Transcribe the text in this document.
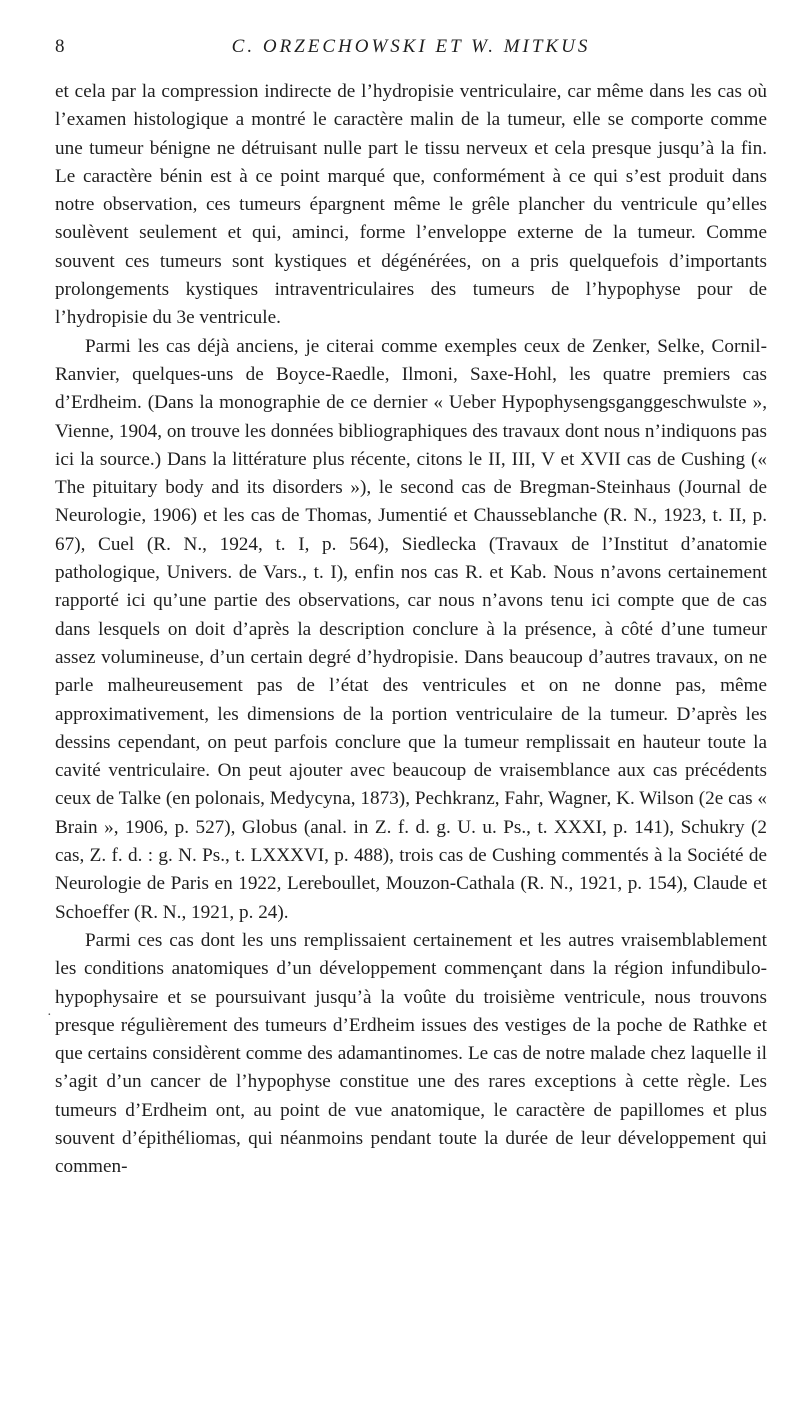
8	C. ORZECHOWSKI ET W. MITKUS

et cela par la compression indirecte de l’hydropisie ventriculaire, car même dans les cas où l’examen histologique a montré le caractère malin de la tumeur, elle se comporte comme une tumeur bénigne ne détruisant nulle part le tissu nerveux et cela presque jusqu’à la fin. Le caractère bénin est à ce point marqué que, conformément à ce qui s’est produit dans notre observation, ces tumeurs épargnent même le grêle plancher du ventricule qu’elles soulèvent seulement et qui, aminci, forme l’enveloppe externe de la tumeur. Comme souvent ces tumeurs sont kystiques et dégénérées, on a pris quelquefois d’importants prolongements kystiques intraventriculaires des tumeurs de l’hypophyse pour de l’hydropisie du 3e ventricule.

Parmi les cas déjà anciens, je citerai comme exemples ceux de Zenker, Selke, Cornil-Ranvier, quelques-uns de Boyce-Raedle, Ilmoni, Saxe-Hohl, les quatre premiers cas d’Erdheim. (Dans la monographie de ce dernier « Ueber Hypophysengsganggeschwulste », Vienne, 1904, on trouve les données bibliographiques des travaux dont nous n’indiquons pas ici la source.) Dans la littérature plus récente, citons le II, III, V et XVII cas de Cushing (« The pituitary body and its disorders »), le second cas de Bregman-Steinhaus (Journal de Neurologie, 1906) et les cas de Thomas, Jumentié et Chausseblanche (R. N., 1923, t. II, p. 67), Cuel (R. N., 1924, t. I, p. 564), Siedlecka (Travaux de l’Institut d’anatomie pathologique, Univers. de Vars., t. I), enfin nos cas R. et Kab. Nous n’avons certainement rapporté ici qu’une partie des observations, car nous n’avons tenu ici compte que de cas dans lesquels on doit d’après la description conclure à la présence, à côté d’une tumeur assez volumineuse, d’un certain degré d’hydropisie. Dans beaucoup d’autres travaux, on ne parle malheureusement pas de l’état des ventricules et on ne donne pas, même approximativement, les dimensions de la portion ventriculaire de la tumeur. D’après les dessins cependant, on peut parfois conclure que la tumeur remplissait en hauteur toute la cavité ventriculaire. On peut ajouter avec beaucoup de vraisemblance aux cas précédents ceux de Talke (en polonais, Medycyna, 1873), Pechkranz, Fahr, Wagner, K. Wilson (2e cas « Brain », 1906, p. 527), Globus (anal. in Z. f. d. g. U. u. Ps., t. XXXI, p. 141), Schukry (2 cas, Z. f. d. : g. N. Ps., t. LXXXVI, p. 488), trois cas de Cushing commentés à la Société de Neurologie de Paris en 1922, Lereboullet, Mouzon-Cathala (R. N., 1921, p. 154), Claude et Schoeffer (R. N., 1921, p. 24).

Parmi ces cas dont les uns remplissaient certainement et les autres vraisemblablement les conditions anatomiques d’un développement commençant dans la région infundibulo-hypophysaire et se poursuivant jusqu’à la voûte du troisième ventricule, nous trouvons presque régulièrement des tumeurs d’Erdheim issues des vestiges de la poche de Rathke et que certains considèrent comme des adamantinomes. Le cas de notre malade chez laquelle il s’agit d’un cancer de l’hypophyse constitue une des rares exceptions à cette règle. Les tumeurs d’Erdheim ont, au point de vue anatomique, le caractère de papillomes et plus souvent d’épithéliomas, qui néanmoins pendant toute la durée de leur développement qui commen-

·
